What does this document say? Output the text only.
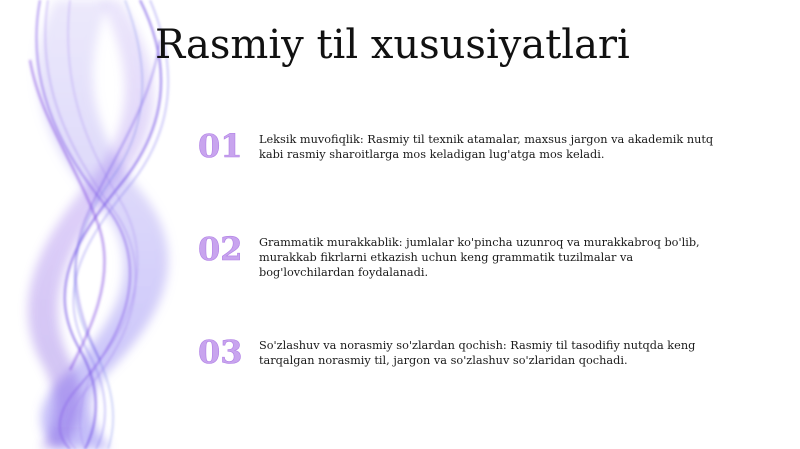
Rasmiy til xususiyatlari
01	Leksik muvofiqlik: Rasmiy til texnik atamalar, maxsus jargon va akademik nutq kabi rasmiy sharoitlarga mos keladigan lug'atga mos keladi.
02	Grammatik murakkablik: jumlalar ko'pincha uzunroq va murakkabroq bo'lib, murakkab fikrlarni etkazish uchun keng grammatik tuzilmalar va bog'lovchilardan foydalanadi.
03	So'zlashuv va norasmiy so'zlardan qochish: Rasmiy til tasodifiy nutqda keng tarqalgan norasmiy til, jargon va so'zlashuv so'zlaridan qochadi.
